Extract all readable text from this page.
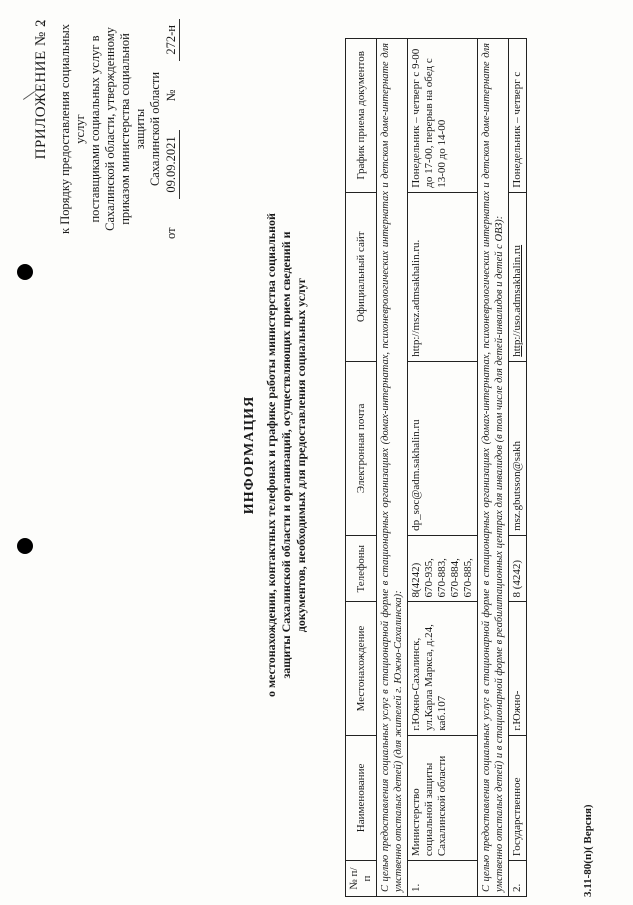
ПРИЛОЖЕНИЕ № 2 к Порядку предоставления социальных услуг поставщиками социальных услуг в Сахалинской области, утвержденному приказом министерства социальной защиты Сахалинской области
от
09.09.2021
№
272-н
ИНФОРМАЦИЯ о местонахождении, контактных телефонах и графике работы министерства социальной защиты Сахалинской области и организаций, осуществляющих прием сведений и документов, необходимых для предоставления социальных услуг
№ п/п	Наименование	Местонахождение	Телефоны	Электронная почта	Официальный сайт	График приема документов
С целью предоставления социальных услуг в стационарной форме в стационарных организациях (домах-интернатах, психоневрологических интернатах и детском доме-интернате для умственно отсталых детей) (для жителей г. Южно-Сахалинска):						
1.	Министерство социальной защиты Сахалинской области	г.Южно-Сахалинск, ул.Карла Маркса, д.24, каб.107	8(4242) 670-935, 670-883, 670-884, 670-885,	dp_soc@adm.sakhalin.ru	http://msz.admsakhalin.ru.	Понедельник – четверг с 9-00 до 17-00, перерыв на обед с 13-00 до 14-00
С целью предоставления социальных услуг в стационарной форме в стационарных организациях (домах-интернатах, психоневрологических интернатах и детском доме-интернате для умственно отсталых детей) и в стационарной форме в реабилитационных центрах для инвалидов (в том числе для детей-инвалидов и детей с ОВЗ):						
2.	Государственное	г.Южно-	8 (4242)	msz.gbutsson@sakh	http://uso.admsakhalin.ru	Понедельник – четверг с
3.11-80(п)( Версия)
